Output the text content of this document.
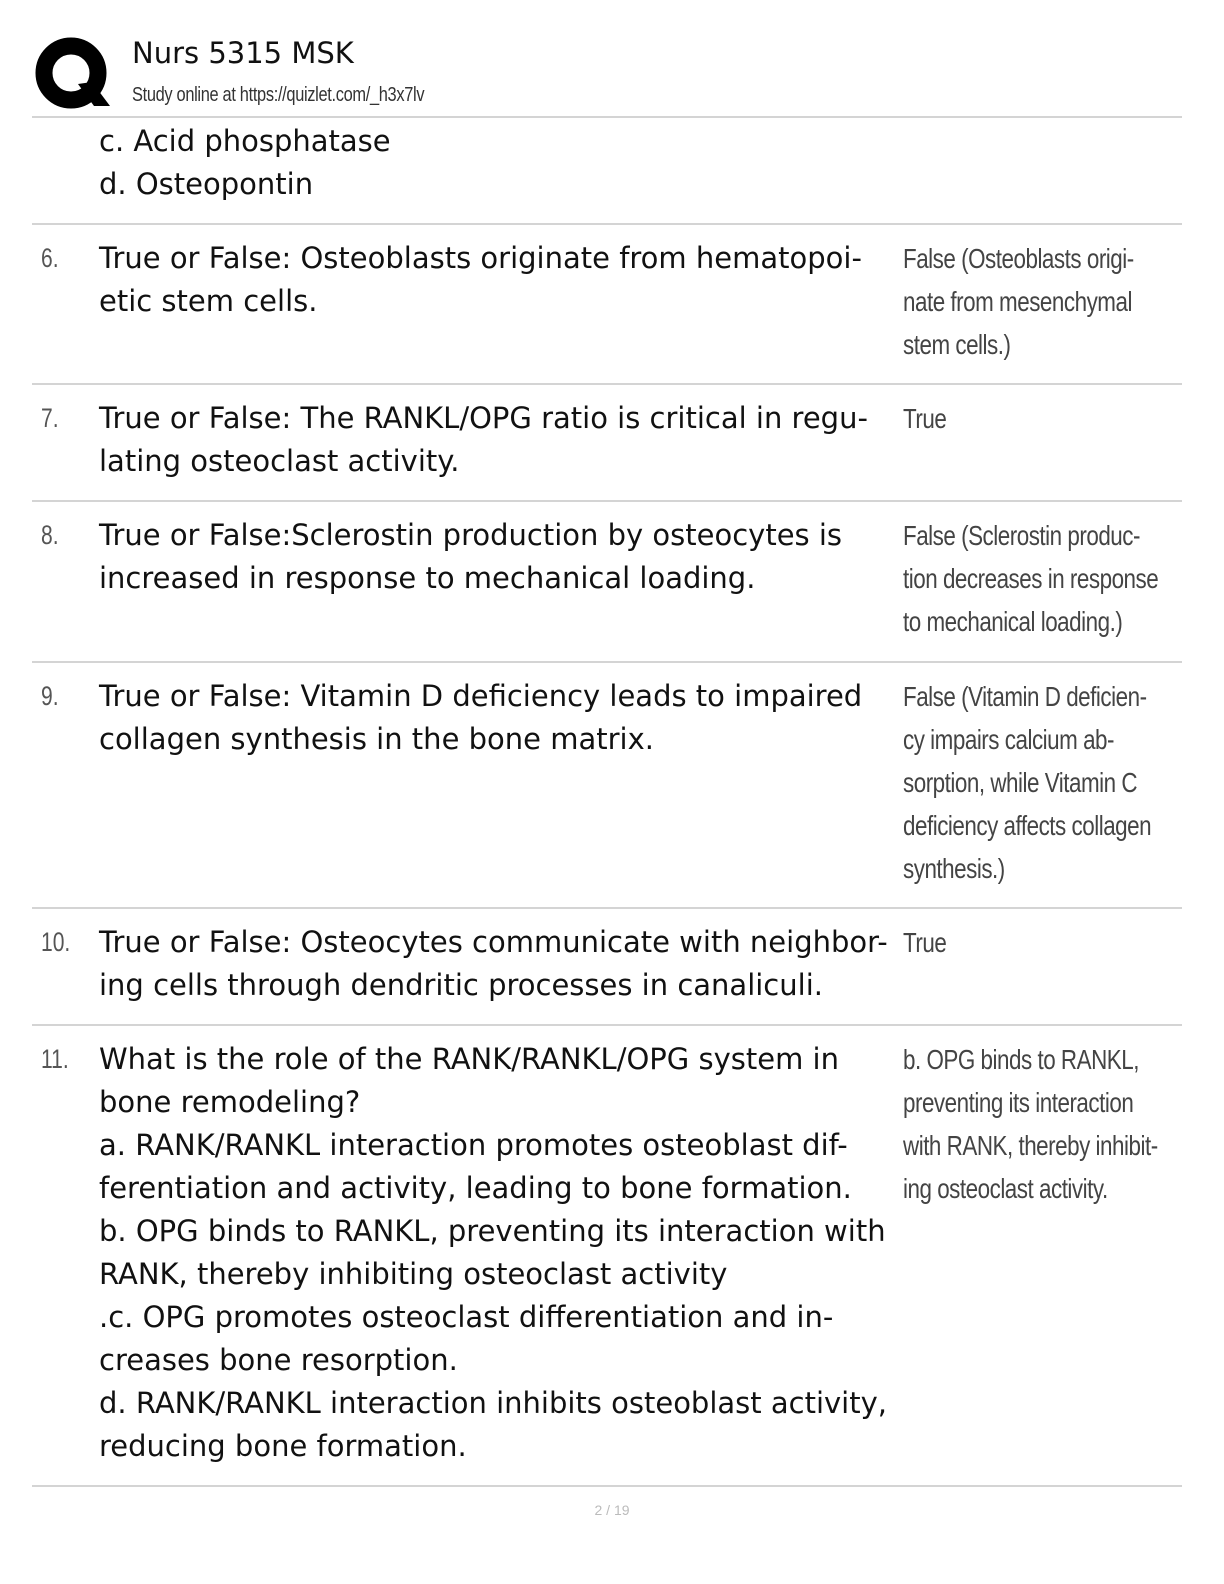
Nurs 5315 MSK
Study online at https://quizlet.com/_h3x7lv
c. Acid phosphatase
d. Osteopontin
6. True or False: Osteoblasts originate from hematopoi-
etic stem cells.
False (Osteoblasts origi-
nate from mesenchymal
stem cells.)
7. True or False: The RANKL/OPG ratio is critical in regu-
lating osteoclast activity.
True
8. True or False:Sclerostin production by osteocytes is
increased in response to mechanical loading.
False (Sclerostin produc-
tion decreases in response
to mechanical loading.)
9. True or False: Vitamin D deficiency leads to impaired
collagen synthesis in the bone matrix.
False (Vitamin D deficien-
cy impairs calcium ab-
sorption, while Vitamin C
deficiency affects collagen
synthesis.)
10. True or False: Osteocytes communicate with neighbor-
ing cells through dendritic processes in canaliculi.
True
11. What is the role of the RANK/RANKL/OPG system in
bone remodeling?
a. RANK/RANKL interaction promotes osteoblast dif-
ferentiation and activity, leading to bone formation.
b. OPG binds to RANKL, preventing its interaction with
RANK, thereby inhibiting osteoclast activity
.c. OPG promotes osteoclast differentiation and in-
creases bone resorption.
d. RANK/RANKL interaction inhibits osteoblast activity,
reducing bone formation.
b. OPG binds to RANKL,
preventing its interaction
with RANK, thereby inhibit-
ing osteoclast activity.
2 / 19
